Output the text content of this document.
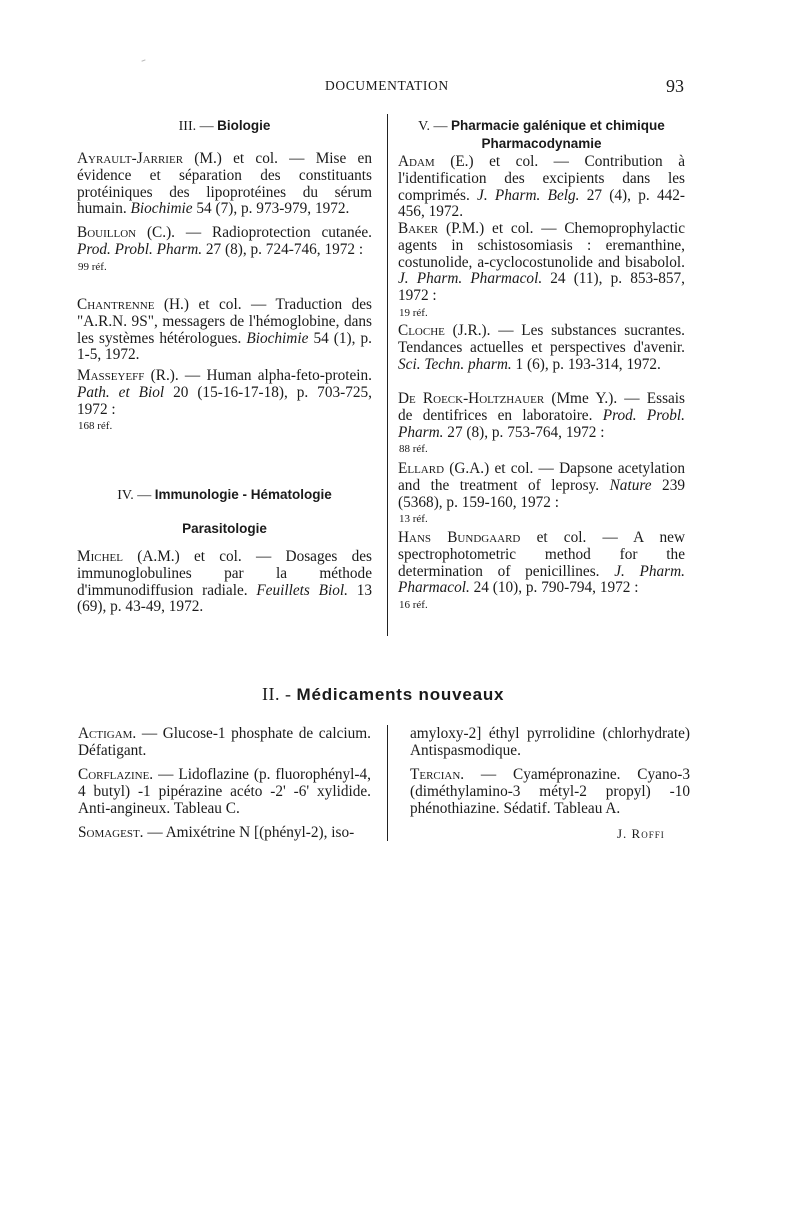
DOCUMENTATION	93
III. — Biologie
Ayrault-Jarrier (M.) et col. — Mise en évidence et séparation des constituants protéiniques des lipoprotéines du sérum humain. Biochimie 54 (7), p. 973-979, 1972.
Bouillon (C.). — Radioprotection cutanée. Prod. Probl. Pharm. 27 (8), p. 724-746, 1972 :
99 réf.
Chantrenne (H.) et col. — Traduction des "A.R.N. 9S", messagers de l'hémoglobine, dans les systèmes hétérologues. Biochimie 54 (1), p. 1-5, 1972.
Masseyeff (R.). — Human alpha-feto-protein. Path. et Biol 20 (15-16-17-18), p. 703-725, 1972 :
168 réf.
IV. — Immunologie - Hématologie
Parasitologie
Michel (A.M.) et col. — Dosages des immunoglobulines par la méthode d'immunodiffusion radiale. Feuillets Biol. 13 (69), p. 43-49, 1972.
V. — Pharmacie galénique et chimique
Pharmacodynamie
Adam (E.) et col. — Contribution à l'identification des excipients dans les comprimés. J. Pharm. Belg. 27 (4), p. 442-456, 1972.
Baker (P.M.) et col. — Chemoprophylactic agents in schistosomiasis : eremanthine, costunolide, a-cyclocostunolide and bisabolol. J. Pharm. Pharmacol. 24 (11), p. 853-857, 1972 :
19 réf.
Cloche (J.R.). — Les substances sucrantes. Tendances actuelles et perspectives d'avenir. Sci. Techn. pharm. 1 (6), p. 193-314, 1972.
De Roeck-Holtzhauer (Mme Y.). — Essais de dentifrices en laboratoire. Prod. Probl. Pharm. 27 (8), p. 753-764, 1972 :
88 réf.
Ellard (G.A.) et col. — Dapsone acetylation and the treatment of leprosy. Nature 239 (5368), p. 159-160, 1972 :
13 réf.
Hans Bundgaard et col. — A new spectrophotometric method for the determination of penicillines. J. Pharm. Pharmacol. 24 (10), p. 790-794, 1972 :
16 réf.
II. - Médicaments nouveaux
Actigam. — Glucose-1 phosphate de calcium. Défatigant.
Corflazine. — Lidoflazine (p. fluorophényl-4, 4 butyl) -1 pipérazine acéto -2' -6' xylidide. Anti-angineux. Tableau C.
Somagest. — Amixétrine N [(phényl-2), iso-
amyloxy-2] éthyl pyrrolidine (chlorhydrate) Antispasmodique.
Tercian. — Cyamépronazine. Cyano-3 (diméthylamino-3 métyl-2 propyl) -10 phénothiazine. Sédatif. Tableau A.
J. Roffi
